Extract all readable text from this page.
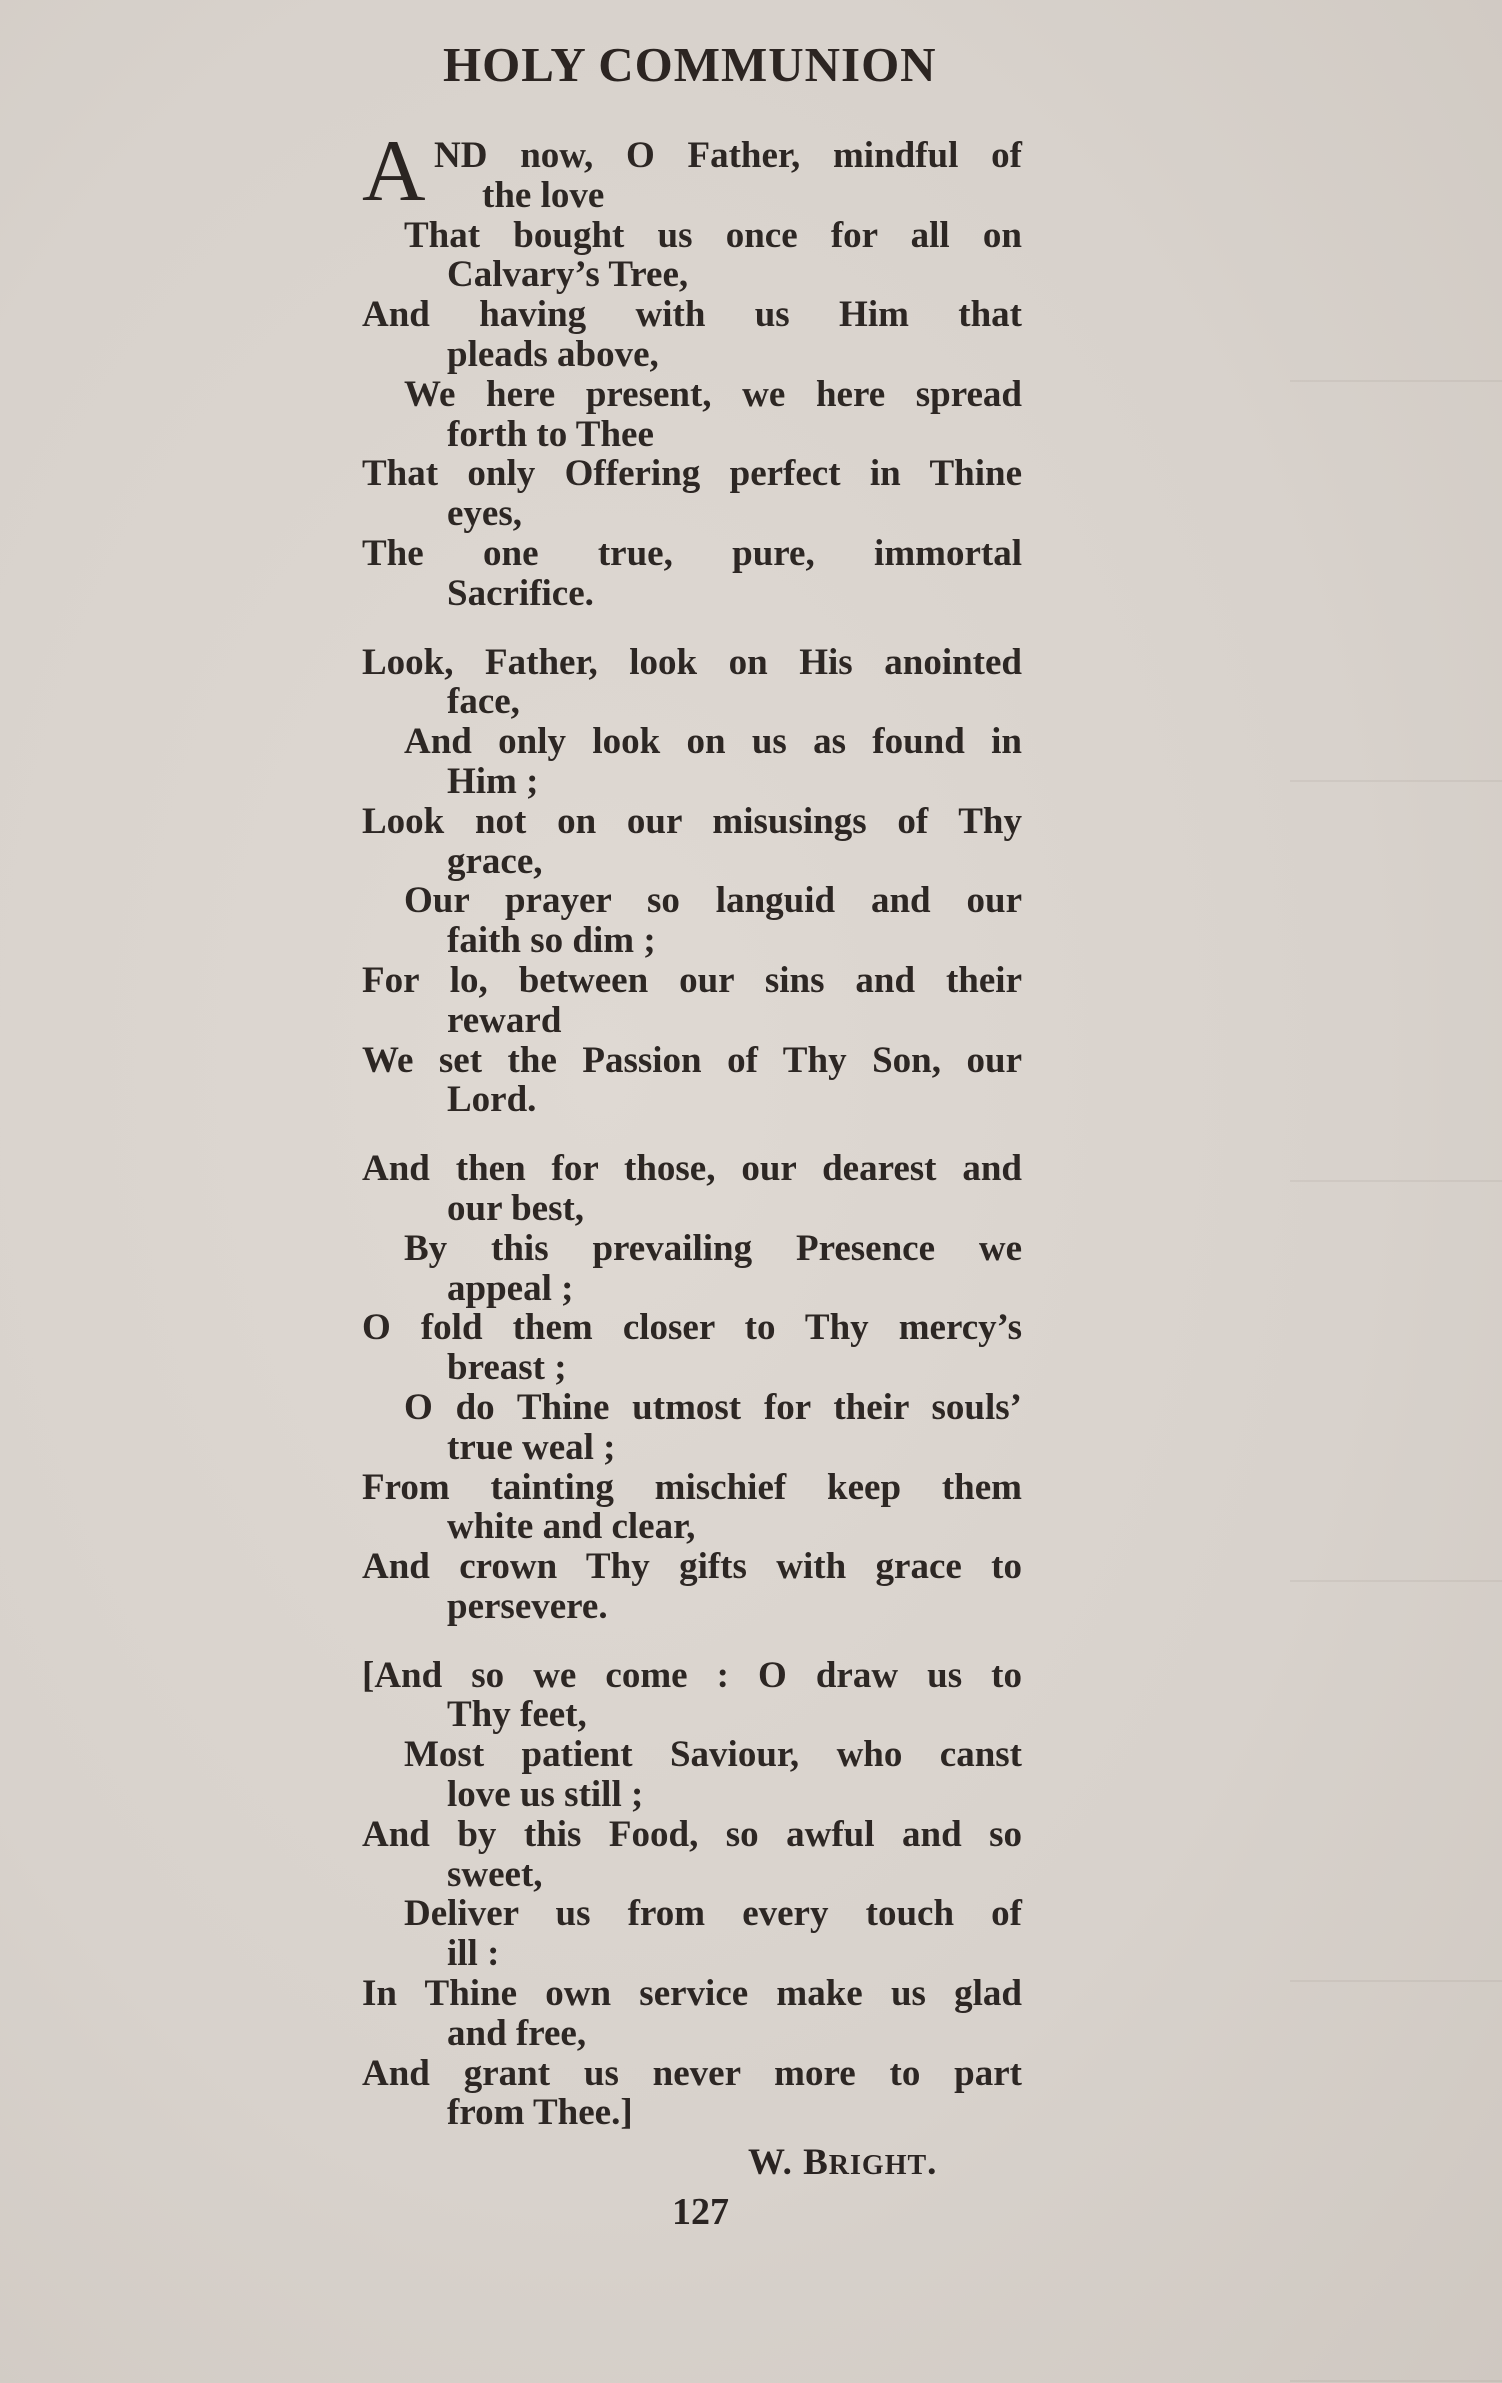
HOLY COMMUNION
A ND now, O Father, mindful of
the love
That bought us once for all on
Calvary’s Tree,
And having with us Him that
pleads above,
We here present, we here spread
forth to Thee
That only Offering perfect in Thine
eyes,
The one true, pure, immortal
Sacrifice.
Look, Father, look on His anointed
face,
And only look on us as found in
Him ;
Look not on our misusings of Thy
grace,
Our prayer so languid and our
faith so dim ;
For lo, between our sins and their
reward
We set the Passion of Thy Son, our
Lord.
And then for those, our dearest and
our best,
By this prevailing Presence we
appeal ;
O fold them closer to Thy mercy’s
breast ;
O do Thine utmost for their souls’
true weal ;
From tainting mischief keep them
white and clear,
And crown Thy gifts with grace to
persevere.
[And so we come : O draw us to
Thy feet,
Most patient Saviour, who canst
love us still ;
And by this Food, so awful and so
sweet,
Deliver us from every touch of
ill :
In Thine own service make us glad
and free,
And grant us never more to part
from Thee.]
W. BRIGHT.
127
